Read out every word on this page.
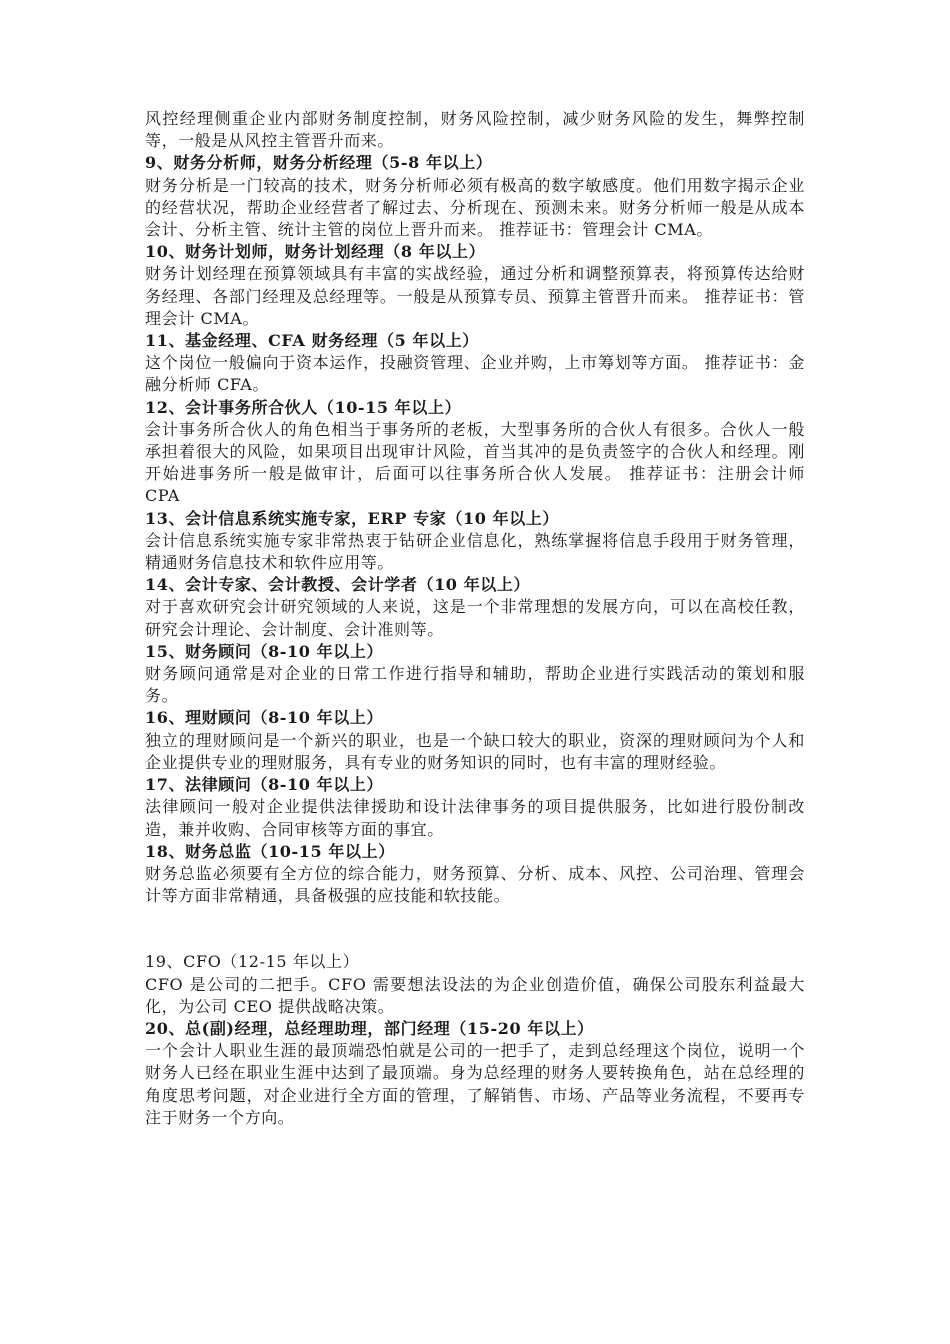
风控经理侧重企业内部财务制度控制，财务风险控制，减少财务风险的发生，舞弊控制等，一般是从风控主管晋升而来。

9、财务分析师，财务分析经理（5-8 年以上）

财务分析是一门较高的技术，财务分析师必须有极高的数字敏感度。他们用数字揭示企业的经营状况，帮助企业经营者了解过去、分析现在、预测未来。财务分析师一般是从成本会计、分析主管、统计主管的岗位上晋升而来。 推荐证书：管理会计 CMA。

10、财务计划师，财务计划经理（8 年以上）

财务计划经理在预算领域具有丰富的实战经验，通过分析和调整预算表，将预算传达给财务经理、各部门经理及总经理等。一般是从预算专员、预算主管晋升而来。 推荐证书：管理会计 CMA。

11、基金经理、CFA 财务经理（5 年以上）

这个岗位一般偏向于资本运作，投融资管理、企业并购，上市筹划等方面。 推荐证书：金融分析师 CFA。

12、会计事务所合伙人（10-15 年以上）

会计事务所合伙人的角色相当于事务所的老板，大型事务所的合伙人有很多。合伙人一般承担着很大的风险，如果项目出现审计风险，首当其冲的是负责签字的合伙人和经理。刚开始进事务所一般是做审计，后面可以往事务所合伙人发展。 推荐证书：注册会计师 CPA

13、会计信息系统实施专家，ERP 专家（10 年以上）

会计信息系统实施专家非常热衷于钻研企业信息化，熟练掌握将信息手段用于财务管理，精通财务信息技术和软件应用等。

14、会计专家、会计教授、会计学者（10 年以上）

对于喜欢研究会计研究领域的人来说，这是一个非常理想的发展方向，可以在高校任教，研究会计理论、会计制度、会计准则等。

15、财务顾问（8-10 年以上）

财务顾问通常是对企业的日常工作进行指导和辅助，帮助企业进行实践活动的策划和服务。

16、理财顾问（8-10 年以上）

独立的理财顾问是一个新兴的职业，也是一个缺口较大的职业，资深的理财顾问为个人和企业提供专业的理财服务，具有专业的财务知识的同时，也有丰富的理财经验。

17、法律顾问（8-10 年以上）

法律顾问一般对企业提供法律援助和设计法律事务的项目提供服务，比如进行股份制改造，兼并收购、合同审核等方面的事宜。

18、财务总监（10-15 年以上）

财务总监必须要有全方位的综合能力，财务预算、分析、成本、风控、公司治理、管理会计等方面非常精通，具备极强的应技能和软技能。

19、CFO（12-15 年以上）

CFO 是公司的二把手。CFO 需要想法设法的为企业创造价值，确保公司股东利益最大化，为公司 CEO 提供战略决策。

20、总(副)经理，总经理助理，部门经理（15-20 年以上）

一个会计人职业生涯的最顶端恐怕就是公司的一把手了，走到总经理这个岗位，说明一个财务人已经在职业生涯中达到了最顶端。身为总经理的财务人要转换角色，站在总经理的角度思考问题，对企业进行全方面的管理，了解销售、市场、产品等业务流程，不要再专注于财务一个方向。
